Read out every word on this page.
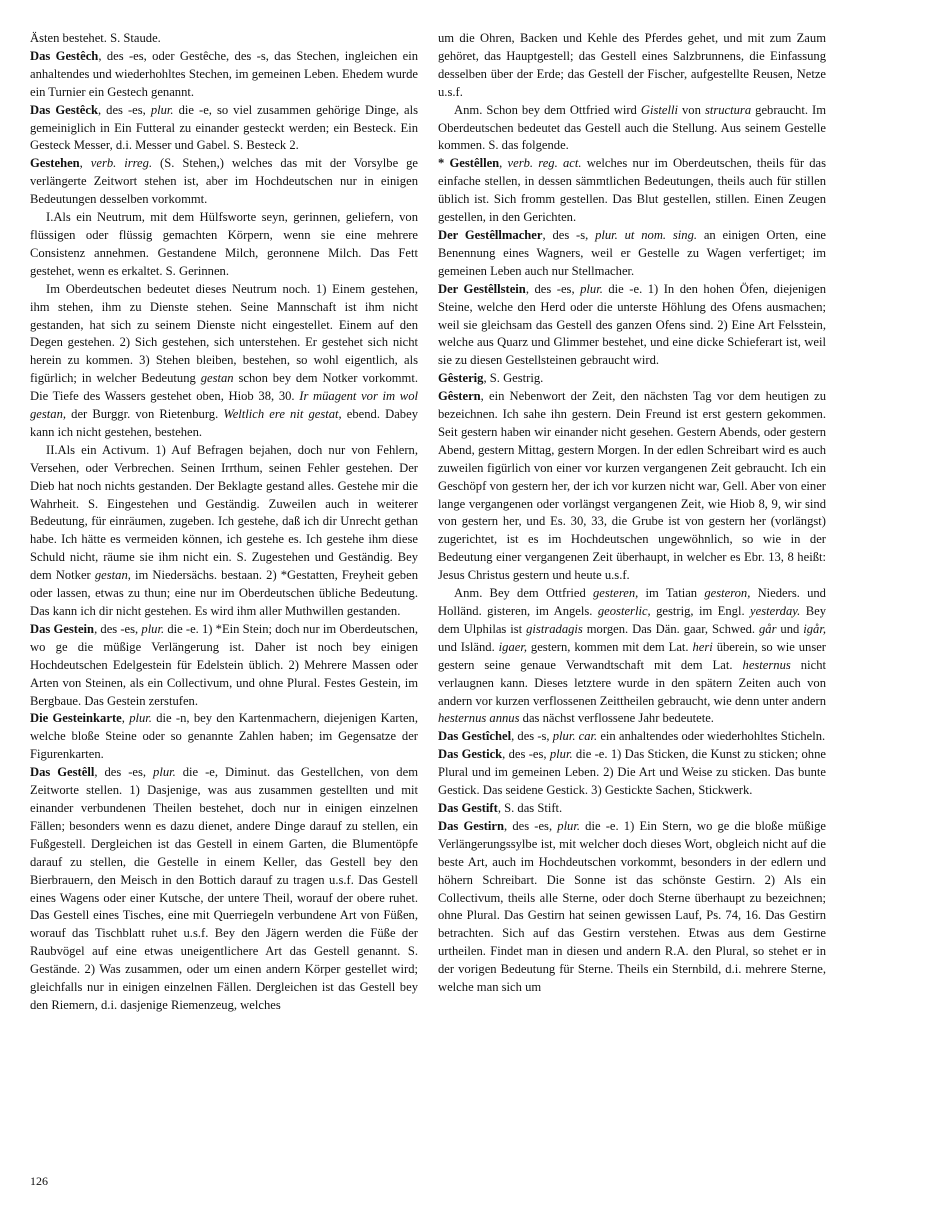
Ästen bestehet. S. Staude.

Das Gestêch, des -es, oder Gestêche, des -s, das Stechen, ingleichen ein anhaltendes und wiederhohltes Stechen, im gemeinen Leben. Ehedem wurde ein Turnier ein Gestech genannt.

Das Gestêck, des -es, plur. die -e, so viel zusammen gehörige Dinge, als gemeiniglich in Ein Futteral zu einander gesteckt werden; ein Besteck. Ein Gesteck Messer, d.i. Messer und Gabel. S. Besteck 2.

Gestehen, verb. irreg. (S. Stehen,) welches das mit der Vorsylbe ge verlängerte Zeitwort stehen ist, aber im Hochdeutschen nur in einigen Bedeutungen desselben vorkommt.

I.Als ein Neutrum, mit dem Hülfsworte seyn, gerinnen, geliefern, von flüssigen oder flüssig gemachten Körpern, wenn sie eine mehrere Consistenz annehmen. Gestandene Milch, geronnene Milch. Das Fett gestehet, wenn es erkaltet. S. Gerinnen.

Im Oberdeutschen bedeutet dieses Neutrum noch. 1) Einem gestehen, ihm stehen, ihm zu Dienste stehen. Seine Mannschaft ist ihm nicht gestanden, hat sich zu seinem Dienste nicht eingestellet. Einem auf den Degen gestehen. 2) Sich gestehen, sich unterstehen. Er gestehet sich nicht herein zu kommen. 3) Stehen bleiben, bestehen, so wohl eigentlich, als figürlich; in welcher Bedeutung gestan schon bey dem Notker vorkommt. Die Tiefe des Wassers gestehet oben, Hiob 38, 30. Ir müagent vor im wol gestan, der Burggr. von Rietenburg. Weltlich ere nit gestat, ebend. Dabey kann ich nicht gestehen, bestehen.

II.Als ein Activum. 1) Auf Befragen bejahen, doch nur von Fehlern, Versehen, oder Verbrechen. Seinen Irrthum, seinen Fehler gestehen. Der Dieb hat noch nichts gestanden. Der Beklagte gestand alles. Gestehe mir die Wahrheit. S. Eingestehen und Geständig. Zuweilen auch in weiterer Bedeutung, für einräumen, zugeben. Ich gestehe, daß ich dir Unrecht gethan habe. Ich hätte es vermeiden können, ich gestehe es. Ich gestehe ihm diese Schuld nicht, räume sie ihm nicht ein. S. Zugestehen und Geständig. Bey dem Notker gestan, im Niedersächs. bestaan. 2) *Gestatten, Freyheit geben oder lassen, etwas zu thun; eine nur im Oberdeutschen übliche Bedeutung. Das kann ich dir nicht gestehen. Es wird ihm aller Muthwillen gestanden.

Das Gestein, des -es, plur. die -e. 1) *Ein Stein; doch nur im Oberdeutschen, wo ge die müßige Verlängerung ist. Daher ist noch bey einigen Hochdeutschen Edelgestein für Edelstein üblich. 2) Mehrere Massen oder Arten von Steinen, als ein Collectivum, und ohne Plural. Festes Gestein, im Bergbaue. Das Gestein zerstufen.

Die Gesteinkarte, plur. die -n, bey den Kartenmachern, diejenigen Karten, welche bloße Steine oder so genannte Zahlen haben; im Gegensatze der Figurenkarten.

Das Gestêll, des -es, plur. die -e, Diminut. das Gestellchen, von dem Zeitworte stellen. 1) Dasjenige, was aus zusammen gestellten und mit einander verbundenen Theilen bestehet, doch nur in einigen einzelnen Fällen; besonders wenn es dazu dienet, andere Dinge darauf zu stellen, ein Fußgestell. Dergleichen ist das Gestell in einem Garten, die Blumentöpfe darauf zu stellen, die Gestelle in einem Keller, das Gestell bey den Bierbrauern, den Meisch in den Bottich darauf zu tragen u.s.f. Das Gestell eines Wagens oder einer Kutsche, der untere Theil, worauf der obere ruhet. Das Gestell eines Tisches, eine mit Querriegeln verbundene Art von Füßen, worauf das Tischblatt ruhet u.s.f. Bey den Jägern werden die Füße der Raubvögel auf eine etwas uneigentlichere Art das Gestell genannt. S. Gestände. 2) Was zusammen, oder um einen andern Körper gestellet wird; gleichfalls nur in einigen einzelnen Fällen. Dergleichen ist das Gestell bey den Riemern, d.i. dasjenige Riemenzeug, welches

um die Ohren, Backen und Kehle des Pferdes gehet, und mit zum Zaum gehöret, das Hauptgestell; das Gestell eines Salzbrunnens, die Einfassung desselben über der Erde; das Gestell der Fischer, aufgestellte Reusen, Netze u.s.f.

Anm. Schon bey dem Ottfried wird Gistelli von structura gebraucht. Im Oberdeutschen bedeutet das Gestell auch die Stellung. Aus seinem Gestelle kommen. S. das folgende.

* Gestêllen, verb. reg. act. welches nur im Oberdeutschen, theils für das einfache stellen, in dessen sämmtlichen Bedeutungen, theils auch für stillen üblich ist. Sich fromm gestellen. Das Blut gestellen, stillen. Einen Zeugen gestellen, in den Gerichten.

Der Gestêllmacher, des -s, plur. ut nom. sing. an einigen Orten, eine Benennung eines Wagners, weil er Gestelle zu Wagen verfertiget; im gemeinen Leben auch nur Stellmacher.

Der Gestêllstein, des -es, plur. die -e. 1) In den hohen Öfen, diejenigen Steine, welche den Herd oder die unterste Höhlung des Ofens ausmachen; weil sie gleichsam das Gestell des ganzen Ofens sind. 2) Eine Art Felsstein, welche aus Quarz und Glimmer bestehet, und eine dicke Schieferart ist, weil sie zu diesen Gestellsteinen gebraucht wird.

Gêsterig, S. Gestrig.

Gêstern, ein Nebenwort der Zeit, den nächsten Tag vor dem heutigen zu bezeichnen. Ich sahe ihn gestern. Dein Freund ist erst gestern gekommen. Seit gestern haben wir einander nicht gesehen. Gestern Abends, oder gestern Abend, gestern Mittag, gestern Morgen. In der edlen Schreibart wird es auch zuweilen figürlich von einer vor kurzen vergangenen Zeit gebraucht. Ich ein Geschöpf von gestern her, der ich vor kurzen nicht war, Gell. Aber von einer lange vergangenen oder vorlängst vergangenen Zeit, wie Hiob 8, 9, wir sind von gestern her, und Es. 30, 33, die Grube ist von gestern her (vorlängst) zugerichtet, ist es im Hochdeutschen ungewöhnlich, so wie in der Bedeutung einer vergangenen Zeit überhaupt, in welcher es Ebr. 13, 8 heißt: Jesus Christus gestern und heute u.s.f.

Anm. Bey dem Ottfried gesteren, im Tatian gesteron, Nieders. und Holländ. gisteren, im Angels. geosterlic, gestrig, im Engl. yesterday. Bey dem Ulphilas ist gistradagis morgen. Das Dän. gaar, Schwed. går und igår, und Isländ. igaer, gestern, kommen mit dem Lat. heri überein, so wie unser gestern seine genaue Verwandtschaft mit dem Lat. hesternus nicht verlaugnen kann. Dieses letztere wurde in den spätern Zeiten auch von andern vor kurzen verflossenen Zeittheilen gebraucht, wie denn unter andern hesternus annus das nächst verflossene Jahr bedeutete.

Das Gestîchel, des -s, plur. car. ein anhaltendes oder wiederhohltes Sticheln.

Das Gestick, des -es, plur. die -e. 1) Das Sticken, die Kunst zu sticken; ohne Plural und im gemeinen Leben. 2) Die Art und Weise zu sticken. Das bunte Gestick. Das seidene Gestick. 3) Gestickte Sachen, Stickwerk.

Das Gestift, S. das Stift.

Das Gestirn, des -es, plur. die -e. 1) Ein Stern, wo ge die bloße müßige Verlängerungssylbe ist, mit welcher doch dieses Wort, obgleich nicht auf die beste Art, auch im Hochdeutschen vorkommt, besonders in der edlern und höhern Schreibart. Die Sonne ist das schönste Gestirn. 2) Als ein Collectivum, theils alle Sterne, oder doch Sterne überhaupt zu bezeichnen; ohne Plural. Das Gestirn hat seinen gewissen Lauf, Ps. 74, 16. Das Gestirn betrachten. Sich auf das Gestirn verstehen. Etwas aus dem Gestirne urtheilen. Findet man in diesen und andern R.A. den Plural, so stehet er in der vorigen Bedeutung für Sterne. Theils ein Sternbild, d.i. mehrere Sterne, welche man sich um

126
